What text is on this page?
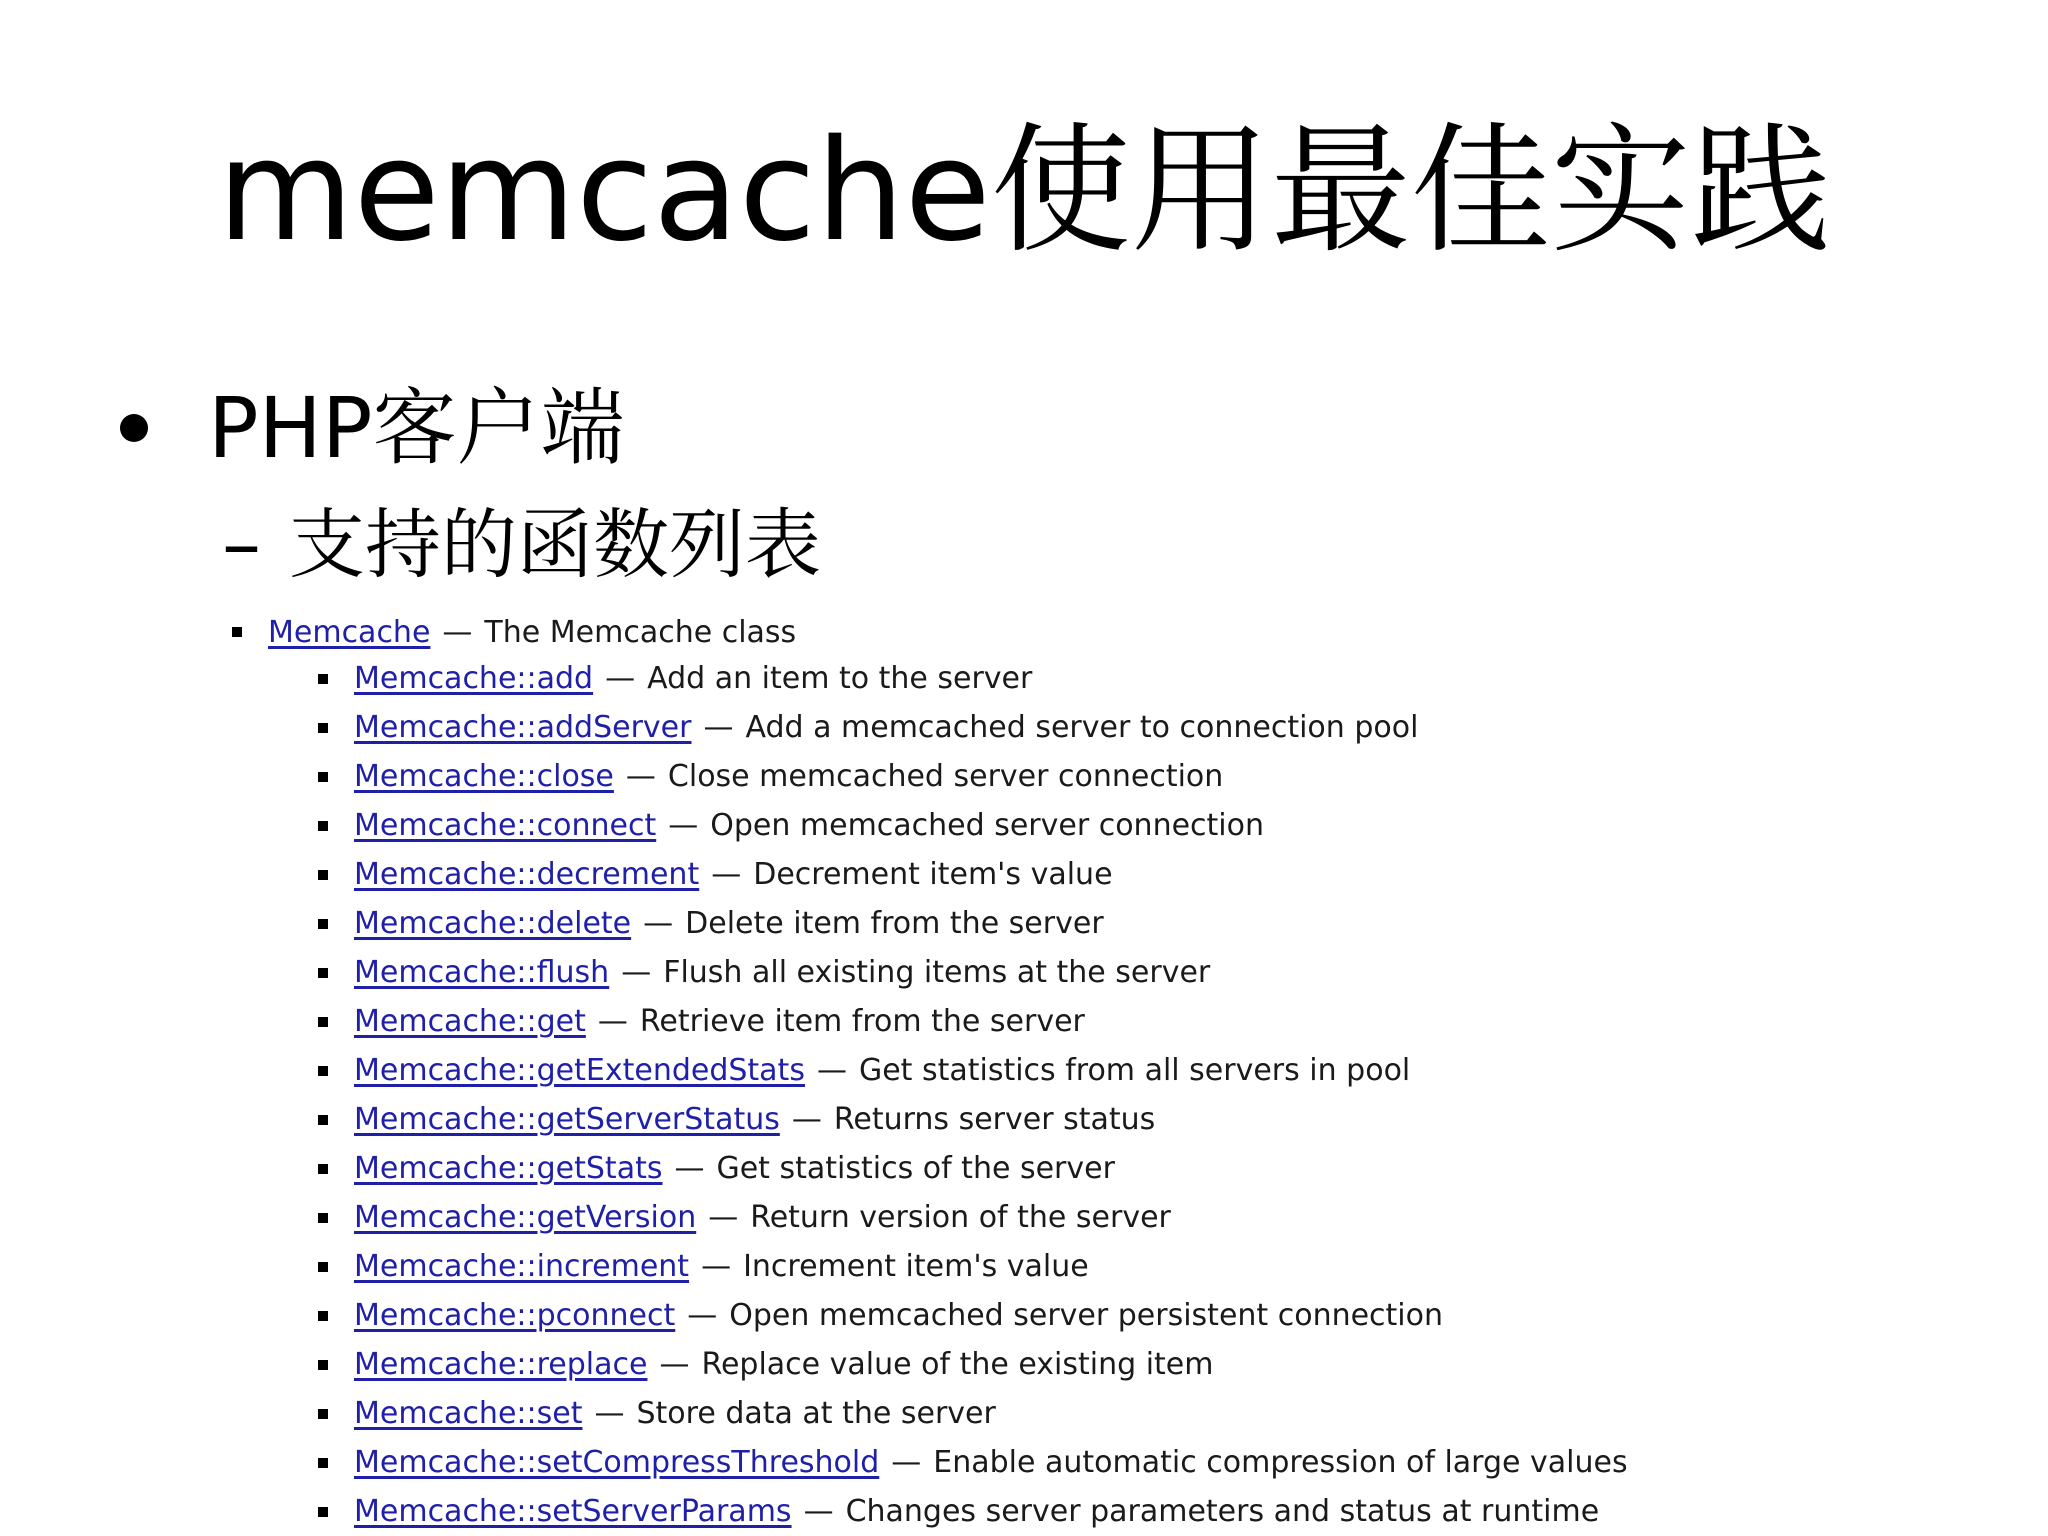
memcache使用最佳实践
PHP客户端
– 支持的函数列表
Memcache — The Memcache class
Memcache::add — Add an item to the server
Memcache::addServer — Add a memcached server to connection pool
Memcache::close — Close memcached server connection
Memcache::connect — Open memcached server connection
Memcache::decrement — Decrement item's value
Memcache::delete — Delete item from the server
Memcache::flush — Flush all existing items at the server
Memcache::get — Retrieve item from the server
Memcache::getExtendedStats — Get statistics from all servers in pool
Memcache::getServerStatus — Returns server status
Memcache::getStats — Get statistics of the server
Memcache::getVersion — Return version of the server
Memcache::increment — Increment item's value
Memcache::pconnect — Open memcached server persistent connection
Memcache::replace — Replace value of the existing item
Memcache::set — Store data at the server
Memcache::setCompressThreshold — Enable automatic compression of large values
Memcache::setServerParams — Changes server parameters and status at runtime
